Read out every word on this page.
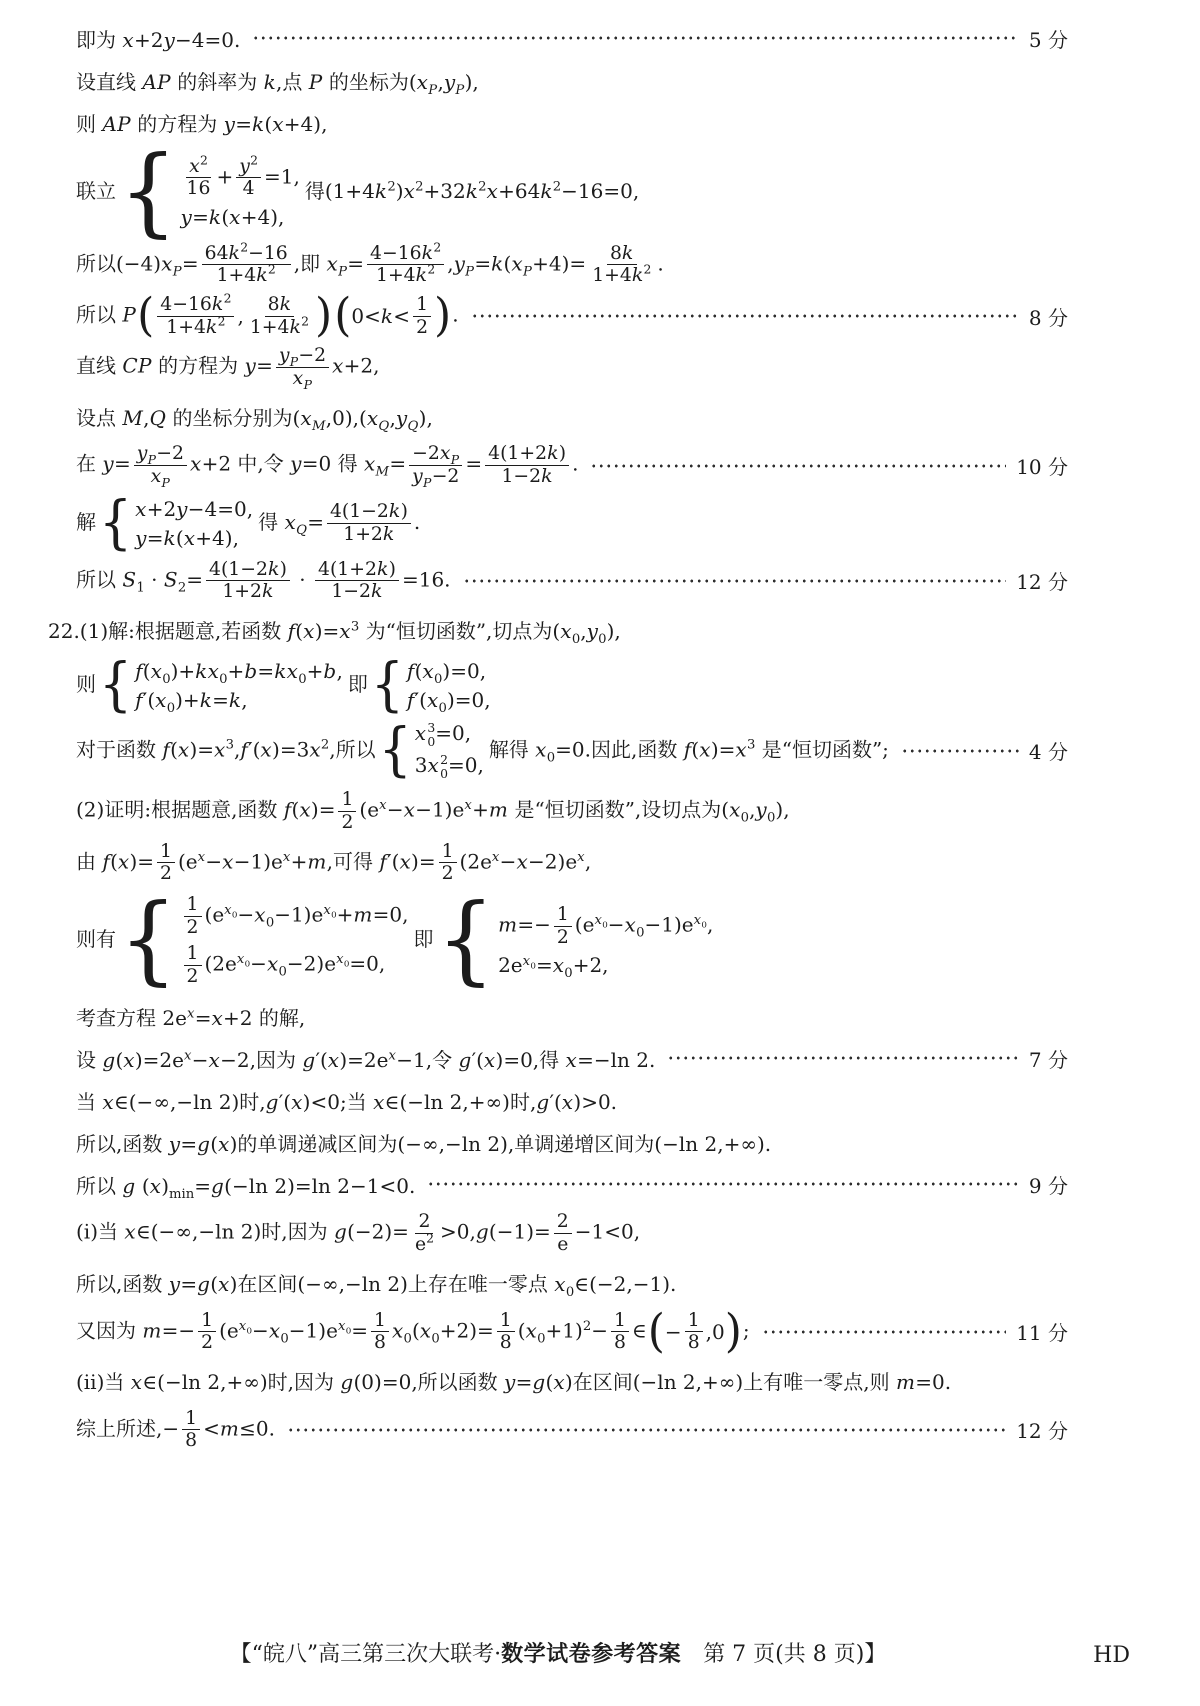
即为 x+2y−4=0.	5 分
设直线 AP 的斜率为 k,点 P 的坐标为$(x_P,y_P)$,
则 AP 的方程为 y=k(x+4),
联立 { $\frac{x^2}{16} + \frac{y^2}{4} =1$,
y=k(x+4),
得$(1+4k^2)x^2+32k^2x+64k^2-16=0$,
所以$(-4)x_P= \frac{64k^2-16}{1+4k^2}$ ,即 $x_P= \frac{4-16k^2}{1+4k^2} ,y_P=k(x_P+4)= \frac{8k}{1+4k^2}$ .
所以 P ( $\frac{4-16k^2}{1+4k^2}$ , $\frac{8k}{1+4k^2}$ ) ( $0<k< \frac{1}{2}$ ) .	8 分
直线 CP 的方程为 $y= \frac{y_P-2}{x_P} x+2$,
设点 M,Q 的坐标分别为$(x_M,0),(x_Q,y_Q)$,
在 $y= \frac{y_P-2}{x_P} x+2$ 中,令 y=0 得 $x_M= \frac{-2x_P}{y_P-2} = \frac{4(1+2k)}{1-2k}$ .	10 分
解 { x+2y−4=0,
y=k(x+4),
得 $x_Q= \frac{4(1-2k)}{1+2k}$ .
所以 $S_1 \cdot S_2= \frac{4(1-2k)}{1+2k} \cdot \frac{4(1+2k)}{1-2k} =16$.	12 分
22.(1)解:根据题意,若函数 $f(x)=x^3$ 为“恒切函数”,切点为$(x_0,y_0)$,
则 { $f(x_0)+kx_0+b=kx_0+b$,
$f'(x_0)+k=k$,
即 { $f(x_0)=0$,
$f'(x_0)=0$,
对于函数 $f(x)=x^3,f'(x)=3x^2$,所以 { x 3
0 =0,
3x 2
0 =0,
解得 $x_0=0$.因此,函数 $f(x)=x^3$ 是“恒切函数”;	4 分
(2)证明:根据题意,函数 $f(x)= \frac{1}{2} (e^x-x-1)e^x+m$ 是“恒切函数”,设切点为$(x_0,y_0)$,
由 $f(x)= \frac{1}{2} (e^x-x-1)e^x+m$,可得 $f'(x)= \frac{1}{2} (2e^x-x-2)e^x$,
则有 { $\frac{1}{2} (e^{x_0}-x_0-1)e^{x_0}+m=0$,
$\frac{1}{2} (2e^{x_0}-x_0-2)e^{x_0}=0$,
即 { $m=- \frac{1}{2} (e^{x_0}-x_0-1)e^{x_0}$,
$2e^{x_0}=x_0+2$,
考查方程 $2e^x=x+2$ 的解,
设 $g(x)=2e^x-x-2$,因为 $g'(x)=2e^x-1$,令 g′(x)=0,得 x=−ln 2.	7 分
当 x∈(−∞,−ln 2)时,g′(x)<0;当 x∈(−ln 2,+∞)时,g′(x)>0.
所以,函数 y=g(x)的单调递减区间为(−∞,−ln 2),单调递增区间为(−ln 2,+∞).
所以 g $(x)_{min}=g(-\ln$ 2)=ln 2−1<0.	9 分
(ⅰ)当 x∈(−∞,−ln 2)时,因为 $g(-2)= \frac{2}{e^2} >0,g(-1)= \frac{2}{e} -1<0$,
所以,函数 y=g(x)在区间(−∞,−ln 2)上存在唯一零点 $x_0\in(-2,-1)$.
又因为 $m=- \frac{1}{2} (e^{x_0}-x_0-1)e^{x_0}= \frac{1}{8} x_0(x_0+2)= \frac{1}{8} (x_0+1)^2- \frac{1}{8}$ ∈ ( − $\frac{1}{8} ,0$ ) ;	11 分
(ⅱ)当 x∈(−ln 2,+∞)时,因为 g(0)=0,所以函数 y=g(x)在区间(−ln 2,+∞)上有唯一零点,则 m=0.
综上所述,− $\frac{1}{8} <m\le 0$.	12 分
【“皖八”高三第三次大联考·数学试卷参考答案　第 7 页(共 8 页)】	HD
